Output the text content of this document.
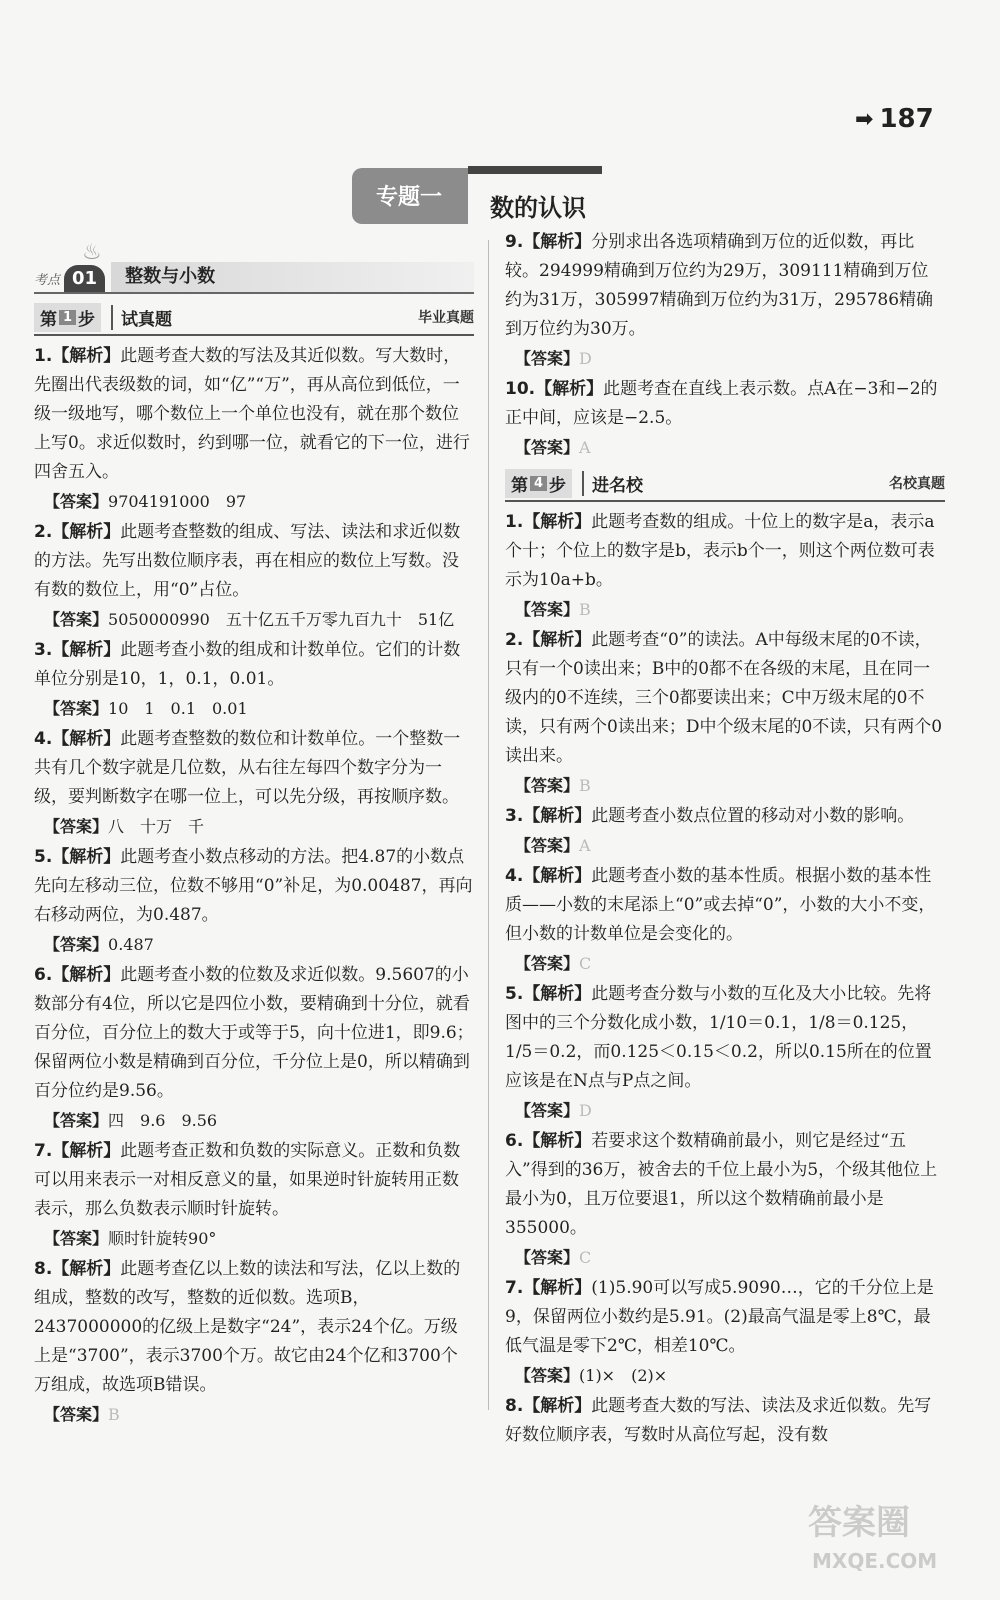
➡ 187
专题一	数的认识
♨
考点 01	整数与小数
第 1 步	试真题	毕业真题

1.【解析】此题考查大数的写法及其近似数。写大数时，先圈出代表级数的词，如“亿”“万”，再从高位到低位，一级一级地写，哪个数位上一个单位也没有，就在那个数位上写0。求近似数时，约到哪一位，就看它的下一位，进行四舍五入。

【答案】9704191000　97

2.【解析】此题考查整数的组成、写法、读法和求近似数的方法。先写出数位顺序表，再在相应的数位上写数。没有数的数位上，用“0”占位。

【答案】5050000990　五十亿五千万零九百九十　51亿

3.【解析】此题考查小数的组成和计数单位。它们的计数单位分别是10，1，0.1，0.01。

【答案】10　1　0.1　0.01

4.【解析】此题考查整数的数位和计数单位。一个整数一共有几个数字就是几位数，从右往左每四个数字分为一级，要判断数字在哪一位上，可以先分级，再按顺序数。

【答案】八　十万　千

5.【解析】此题考查小数点移动的方法。把4.87的小数点先向左移动三位，位数不够用“0”补足，为0.00487，再向右移动两位，为0.487。

【答案】0.487

6.【解析】此题考查小数的位数及求近似数。9.5607的小数部分有4位，所以它是四位小数，要精确到十分位，就看百分位，百分位上的数大于或等于5，向十位进1，即9.6；保留两位小数是精确到百分位，千分位上是0，所以精确到百分位约是9.56。

【答案】四　9.6　9.56

7.【解析】此题考查正数和负数的实际意义。正数和负数可以用来表示一对相反意义的量，如果逆时针旋转用正数表示，那么负数表示顺时针旋转。

【答案】顺时针旋转90°

8.【解析】此题考查亿以上数的读法和写法，亿以上数的组成，整数的改写，整数的近似数。选项B，2437000000的亿级上是数字“24”，表示24个亿。万级上是“3700”，表示3700个万。故它由24个亿和3700个万组成，故选项B错误。

【答案】B

9.【解析】分别求出各选项精确到万位的近似数，再比较。294999精确到万位约为29万，309111精确到万位约为31万，305997精确到万位约为31万，295786精确到万位约为30万。

【答案】D

10.【解析】此题考查在直线上表示数。点A在−3和−2的正中间，应该是−2.5。

【答案】A

第 4 步	进名校	名校真题

1.【解析】此题考查数的组成。十位上的数字是a，表示a个十；个位上的数字是b，表示b个一，则这个两位数可表示为10a+b。

【答案】B

2.【解析】此题考查“0”的读法。A中每级末尾的0不读，只有一个0读出来；B中的0都不在各级的末尾，且在同一级内的0不连续，三个0都要读出来；C中万级末尾的0不读，只有两个0读出来；D中个级末尾的0不读，只有两个0读出来。

【答案】B

3.【解析】此题考查小数点位置的移动对小数的影响。

【答案】A

4.【解析】此题考查小数的基本性质。根据小数的基本性质——小数的末尾添上“0”或去掉“0”，小数的大小不变，但小数的计数单位是会变化的。

【答案】C

5.【解析】此题考查分数与小数的互化及大小比较。先将图中的三个分数化成小数，1/10＝0.1，1/8＝0.125，1/5＝0.2，而0.125＜0.15＜0.2，所以0.15所在的位置应该是在N点与P点之间。

【答案】D

6.【解析】若要求这个数精确前最小，则它是经过“五入”得到的36万，被舍去的千位上最小为5，个级其他位上最小为0，且万位要退1，所以这个数精确前最小是355000。

【答案】C

7.【解析】(1)5.90可以写成5.9090…，它的千分位上是9，保留两位小数约是5.91。(2)最高气温是零上8℃，最低气温是零下2℃，相差10℃。

【答案】(1)×　(2)×

8.【解析】此题考查大数的写法、读法及求近似数。先写好数位顺序表，写数时从高位写起，没有数

答案圈
MXQE.COM
